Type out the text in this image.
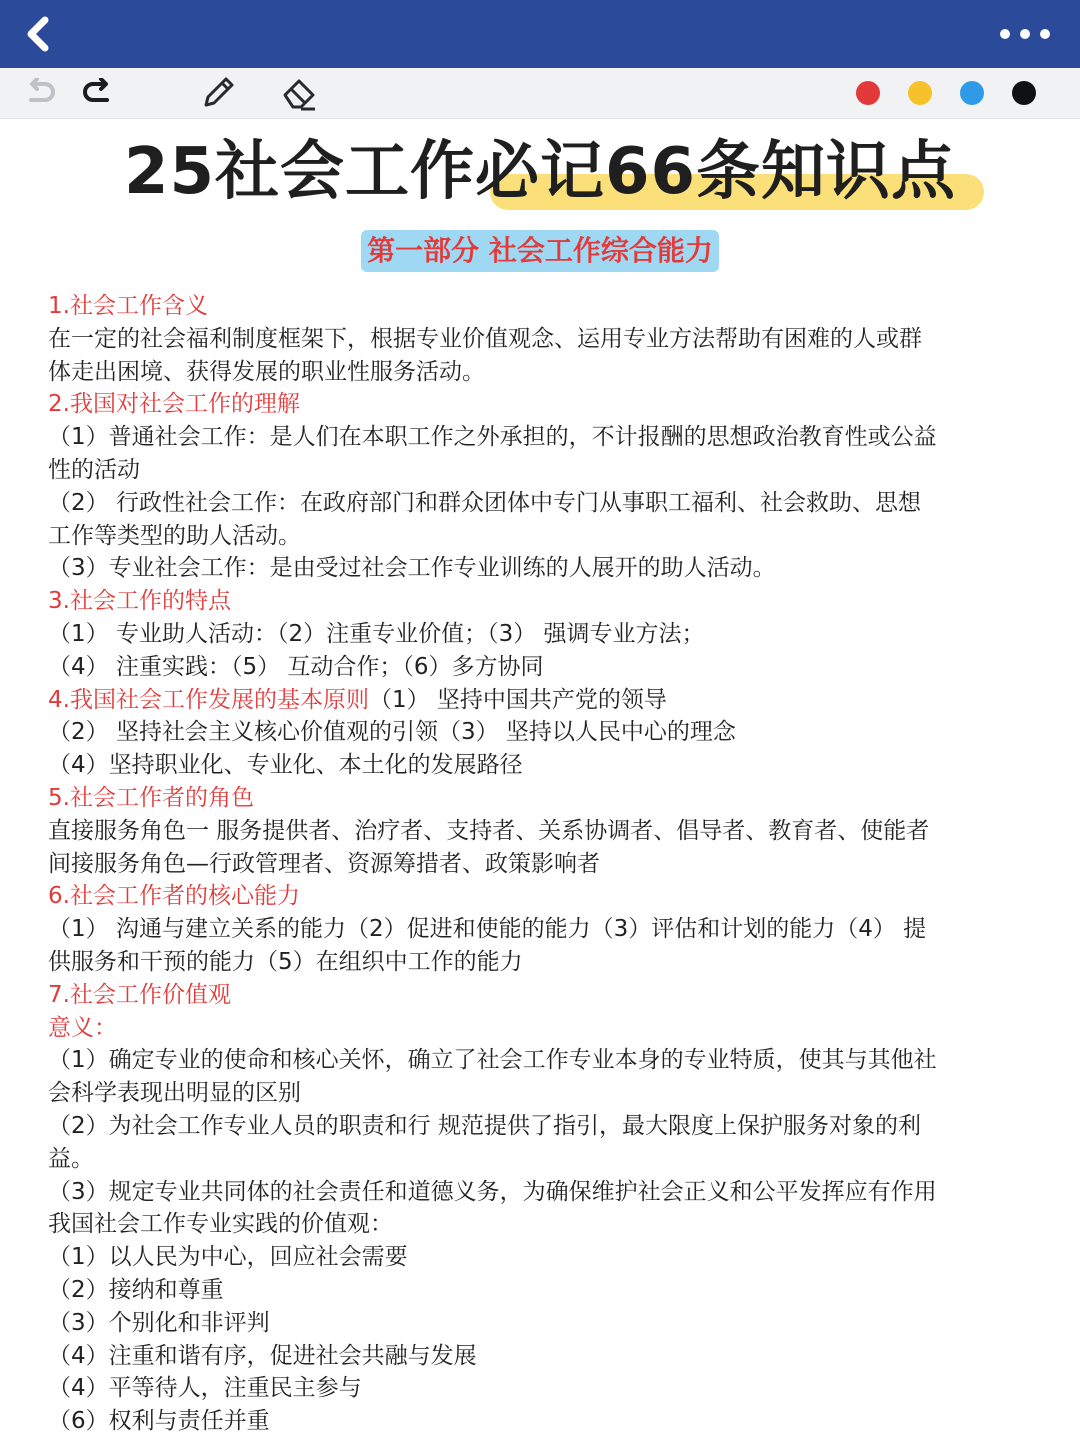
25社会工作必记66条知识点
第一部分 社会工作综合能力
1.社会工作含义
在一定的社会福利制度框架下，根据专业价值观念、运用专业方法帮助有困难的人或群
体走出困境、获得发展的职业性服务活动。
2.我国对社会工作的理解
（1）普通社会工作：是人们在本职工作之外承担的，不计报酬的思想政治教育性或公益
性的活动
（2） 行政性社会工作：在政府部门和群众团体中专门从事职工福利、社会救助、思想
工作等类型的助人活动。
（3）专业社会工作：是由受过社会工作专业训练的人展开的助人活动。
3.社会工作的特点
（1） 专业助人活动：（2）注重专业价值；（3） 强调专业方法；
（4） 注重实践：（5） 互动合作；（6）多方协同
4.我国社会工作发展的基本原则（1） 坚持中国共产党的领导
（2） 坚持社会主义核心价值观的引领（3） 坚持以人民中心的理念
（4）坚持职业化、专业化、本土化的发展路径
5.社会工作者的角色
直接服务角色一 服务提供者、治疗者、支持者、关系协调者、倡导者、教育者、使能者
间接服务角色—行政管理者、资源筹措者、政策影响者
6.社会工作者的核心能力
（1） 沟通与建立关系的能力（2）促进和使能的能力（3）评估和计划的能力（4） 提
供服务和干预的能力（5）在组织中工作的能力
7.社会工作价值观
意义：
（1）确定专业的使命和核心关怀，确立了社会工作专业本身的专业特质，使其与其他社
会科学表现出明显的区别
（2）为社会工作专业人员的职责和行 规范提供了指引，最大限度上保护服务对象的利
益。
（3）规定专业共同体的社会责任和道德义务，为确保维护社会正义和公平发挥应有作用
我国社会工作专业实践的价值观：
（1）以人民为中心，回应社会需要
（2）接纳和尊重
（3）个别化和非评判
（4）注重和谐有序，促进社会共融与发展
（4）平等待人，注重民主参与
（6）权利与责任并重
